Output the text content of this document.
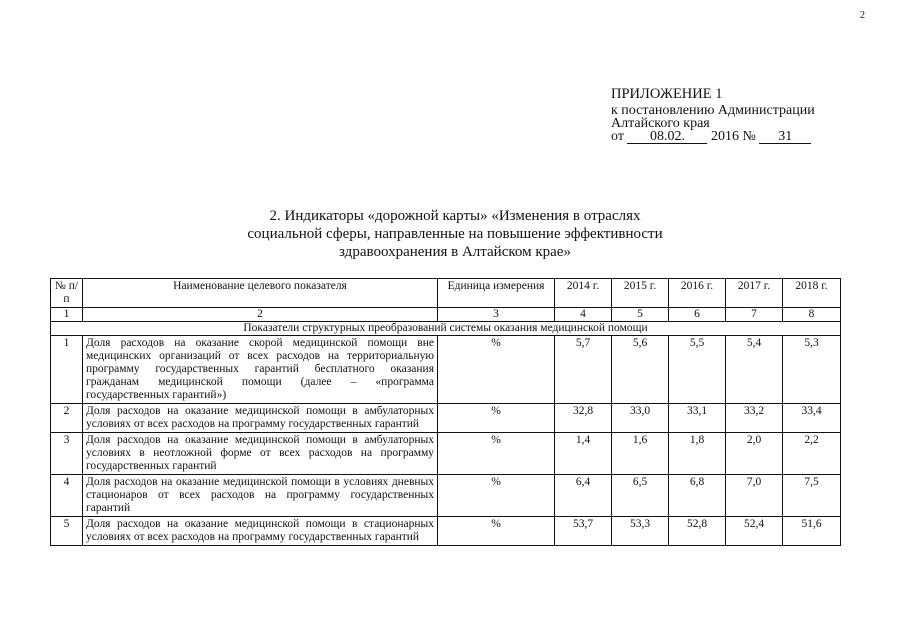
2
ПРИЛОЖЕНИЕ 1
к постановлению Администрации
Алтайского края
от 08.02. 2016 № 31
2. Индикаторы «дорожной карты» «Изменения в отраслях
социальной сферы, направленные на повышение эффективности
здравоохранения в Алтайском крае»
№ п/п	Наименование целевого показателя	Единица измерения	2014 г.	2015 г.	2016 г.	2017 г.	2018 г.
1	2	3	4	5	6	7	8
Показатели структурных преобразований системы оказания медицинской помощи							
1	Доля расходов на оказание скорой медицинской помощи вне медицинских организаций от всех расходов на территориальную программу государственных гарантий бесплатного оказания гражданам медицинской помощи (далее – «программа государственных гарантий»)	%	5,7	5,6	5,5	5,4	5,3
2	Доля расходов на оказание медицинской помощи в амбулаторных условиях от всех расходов на программу государственных гарантий	%	32,8	33,0	33,1	33,2	33,4
3	Доля расходов на оказание медицинской помощи в амбулаторных условиях в неотложной форме от всех расходов на программу государственных гарантий	%	1,4	1,6	1,8	2,0	2,2
4	Доля расходов на оказание медицинской помощи в условиях дневных стационаров от всех расходов на программу государственных гарантий	%	6,4	6,5	6,8	7,0	7,5
5	Доля расходов на оказание медицинской помощи в стационарных условиях от всех расходов на программу государственных гарантий	%	53,7	53,3	52,8	52,4	51,6
